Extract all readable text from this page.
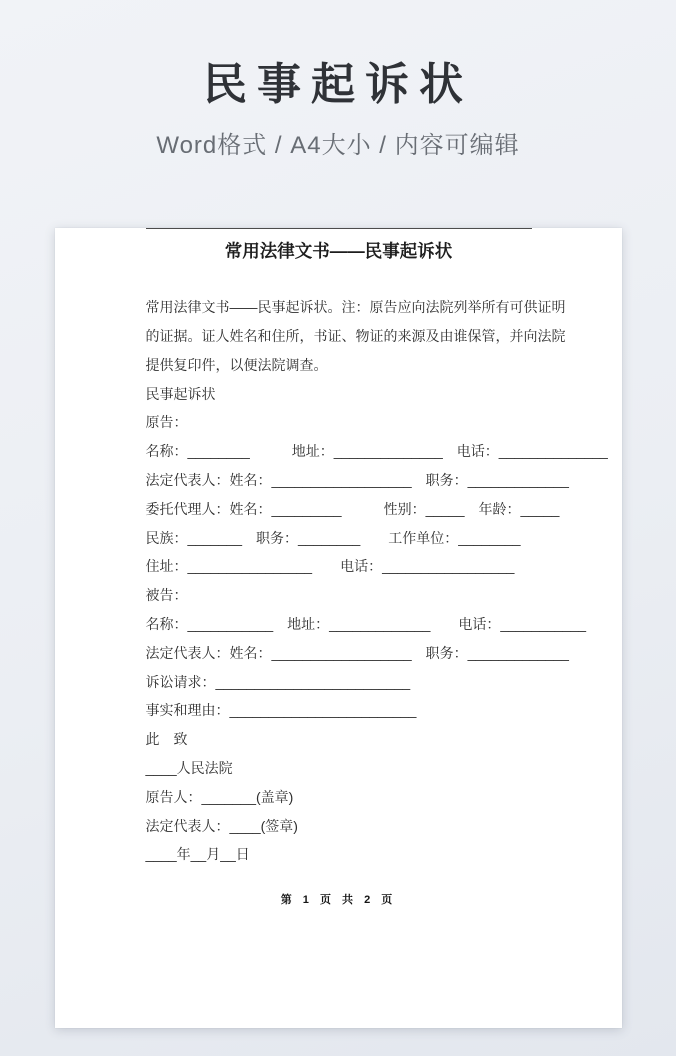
民事起诉状
Word格式 / A4大小 / 内容可编辑
常用法律文书——民事起诉状
常用法律文书——民事起诉状。注：原告应向法院列举所有可供证明
的证据。证人姓名和住所，书证、物证的来源及由谁保管，并向法院
提供复印件，以便法院调查。
民事起诉状
原告：
名称：________　　　地址：______________　电话：______________
法定代表人：姓名：__________________　职务：_____________
委托代理人：姓名：_________　　　性别：_____　年龄：_____
民族：_______　职务：________　　工作单位：________
住址：________________　　电话：_________________
被告：
名称：___________　地址：_____________　　电话：___________
法定代表人：姓名：__________________　职务：_____________
诉讼请求：_________________________
事实和理由：________________________
此　致
____人民法院
原告人：_______(盖章)
法定代表人：____(签章)
____年__月__日
第 1 页 共 2 页
